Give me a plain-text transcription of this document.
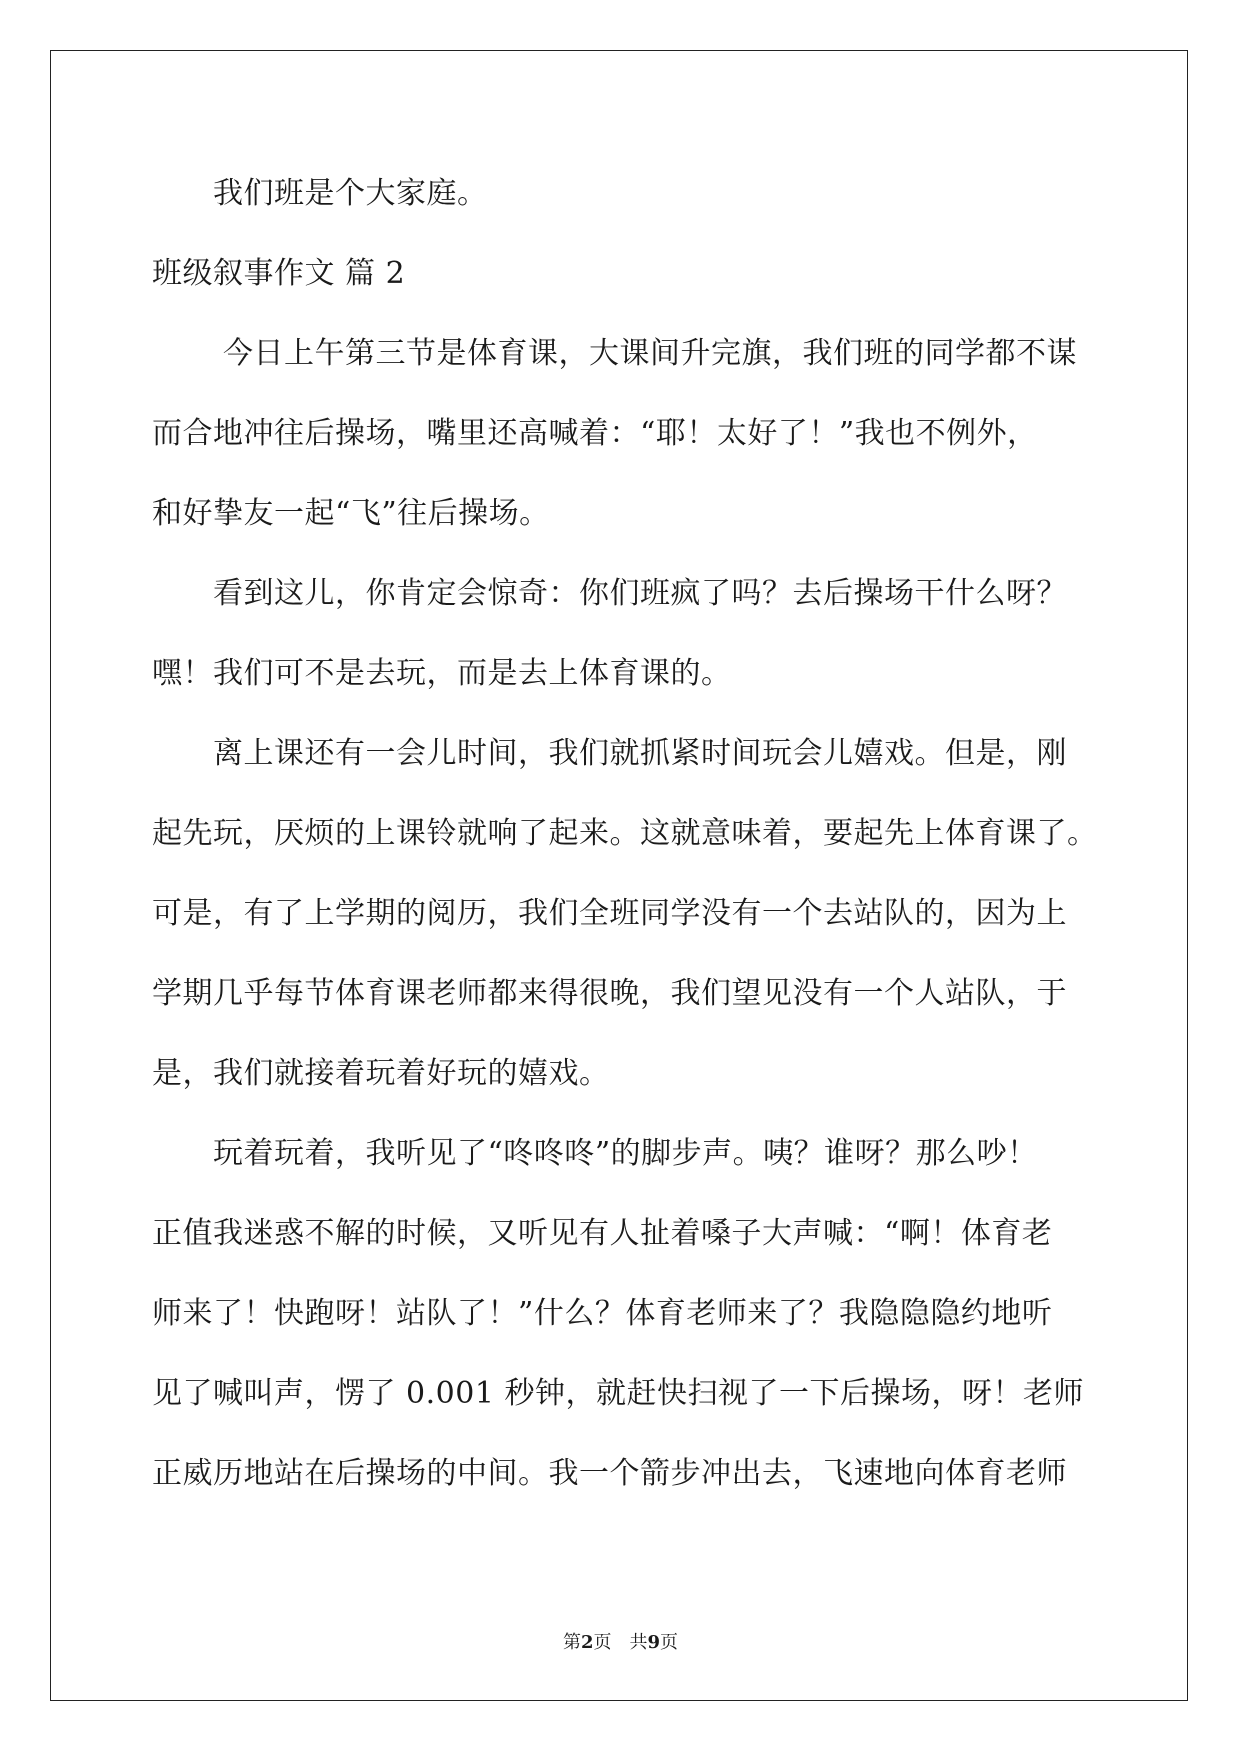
　　我们班是个大家庭。
班级叙事作文 篇 2
　　 今日上午第三节是体育课，大课间升完旗，我们班的同学都不谋
而合地冲往后操场，嘴里还高喊着：“耶！太好了！”我也不例外，
和好挚友一起“飞”往后操场。
　　看到这儿，你肯定会惊奇：你们班疯了吗？去后操场干什么呀？
嘿！我们可不是去玩，而是去上体育课的。
　　离上课还有一会儿时间，我们就抓紧时间玩会儿嬉戏。但是，刚
起先玩，厌烦的上课铃就响了起来。这就意味着，要起先上体育课了。
可是，有了上学期的阅历，我们全班同学没有一个去站队的，因为上
学期几乎每节体育课老师都来得很晚，我们望见没有一个人站队，于
是，我们就接着玩着好玩的嬉戏。
　　玩着玩着，我听见了“咚咚咚”的脚步声。咦？谁呀？那么吵！
正值我迷惑不解的时候，又听见有人扯着嗓子大声喊：“啊！体育老
师来了！快跑呀！站队了！”什么？体育老师来了？我隐隐隐约地听
见了喊叫声，愣了 0.001 秒钟，就赶快扫视了一下后操场，呀！老师
正威历地站在后操场的中间。我一个箭步冲出去，飞速地向体育老师
第2页　共9页
